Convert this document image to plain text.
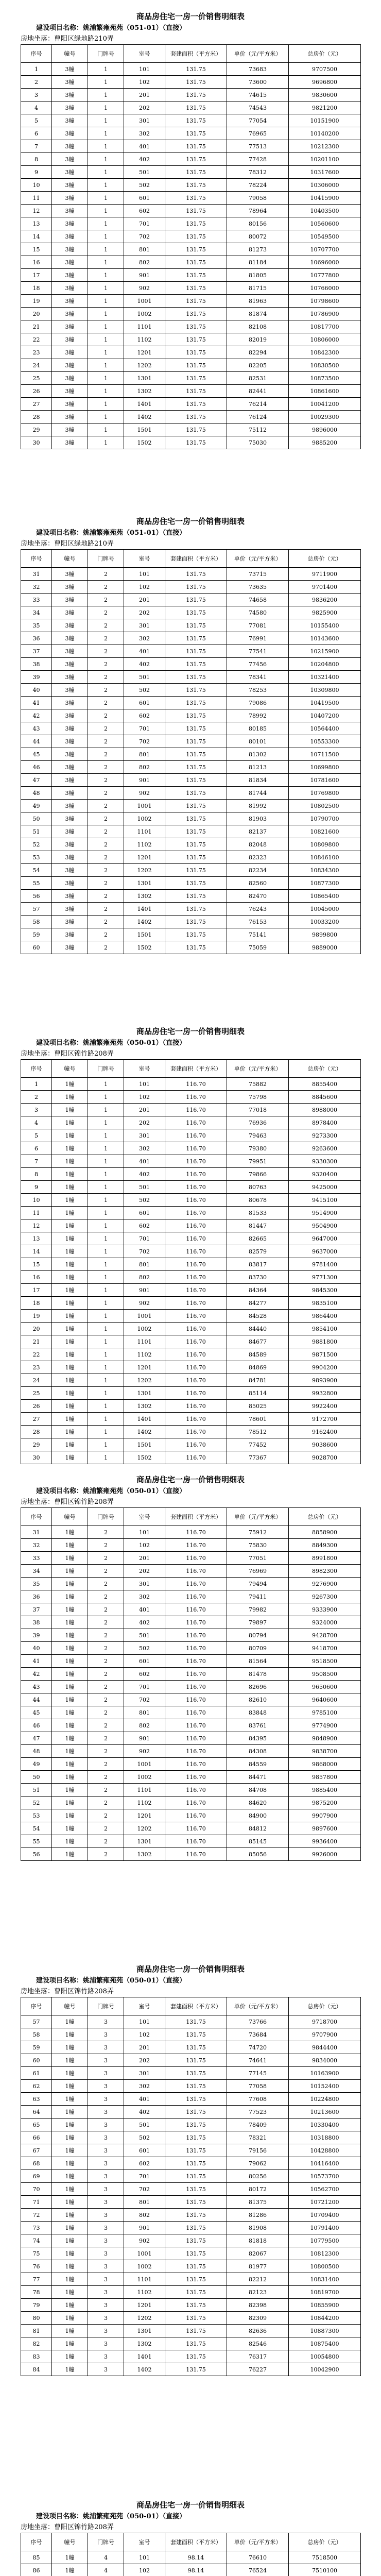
商品房住宅一房一价销售明细表
建设项目名称：姚浦繁雍苑苑（051-01）（直接）
房地坐落：曹阳区绿地路210弄
序号	幢号	门牌号	室号	套建面积（平方米）	单价（元/平方米）	总房价（元）
1	3幢	1	101	131.75	73683	9707500
2	3幢	1	102	131.75	73600	9696800
3	3幢	1	201	131.75	74615	9830600
4	3幢	1	202	131.75	74543	9821200
5	3幢	1	301	131.75	77054	10151900
6	3幢	1	302	131.75	76965	10140200
7	3幢	1	401	131.75	77513	10212300
8	3幢	1	402	131.75	77428	10201100
9	3幢	1	501	131.75	78312	10317600
10	3幢	1	502	131.75	78224	10306000
11	3幢	1	601	131.75	79058	10415900
12	3幢	1	602	131.75	78964	10403500
13	3幢	1	701	131.75	80156	10560600
14	3幢	1	702	131.75	80072	10549500
15	3幢	1	801	131.75	81273	10707700
16	3幢	1	802	131.75	81184	10696000
17	3幢	1	901	131.75	81805	10777800
18	3幢	1	902	131.75	81715	10766000
19	3幢	1	1001	131.75	81963	10798600
20	3幢	1	1002	131.75	81874	10786900
21	3幢	1	1101	131.75	82108	10817700
22	3幢	1	1102	131.75	82019	10806000
23	3幢	1	1201	131.75	82294	10842300
24	3幢	1	1202	131.75	82205	10830500
25	3幢	1	1301	131.75	82531	10873500
26	3幢	1	1302	131.75	82441	10861600
27	3幢	1	1401	131.75	76214	10041200
28	3幢	1	1402	131.75	76124	10029300
29	3幢	1	1501	131.75	75112	9896000
30	3幢	1	1502	131.75	75030	9885200
商品房住宅一房一价销售明细表
建设项目名称：姚浦繁雍苑苑（051-01）（直接）
房地坐落：曹阳区绿地路210弄
序号	幢号	门牌号	室号	套建面积（平方米）	单价（元/平方米）	总房价（元）
31	3幢	2	101	131.75	73715	9711900
32	3幢	2	102	131.75	73635	9701400
33	3幢	2	201	131.75	74658	9836200
34	3幢	2	202	131.75	74580	9825900
35	3幢	2	301	131.75	77081	10155400
36	3幢	2	302	131.75	76991	10143600
37	3幢	2	401	131.75	77541	10215900
38	3幢	2	402	131.75	77456	10204800
39	3幢	2	501	131.75	78341	10321400
40	3幢	2	502	131.75	78253	10309800
41	3幢	2	601	131.75	79086	10419500
42	3幢	2	602	131.75	78992	10407200
43	3幢	2	701	131.75	80185	10564400
44	3幢	2	702	131.75	80101	10553300
45	3幢	2	801	131.75	81302	10711500
46	3幢	2	802	131.75	81213	10699800
47	3幢	2	901	131.75	81834	10781600
48	3幢	2	902	131.75	81744	10769800
49	3幢	2	1001	131.75	81992	10802500
50	3幢	2	1002	131.75	81903	10790700
51	3幢	2	1101	131.75	82137	10821600
52	3幢	2	1102	131.75	82048	10809800
53	3幢	2	1201	131.75	82323	10846100
54	3幢	2	1202	131.75	82234	10834300
55	3幢	2	1301	131.75	82560	10877300
56	3幢	2	1302	131.75	82470	10865400
57	3幢	2	1401	131.75	76243	10045000
58	3幢	2	1402	131.75	76153	10033200
59	3幢	2	1501	131.75	75141	9899800
60	3幢	2	1502	131.75	75059	9889000
商品房住宅一房一价销售明细表
建设项目名称：姚浦繁雍苑苑（050-01）（直接）
房地坐落：曹阳区锦竹路208弄
序号	幢号	门牌号	室号	套建面积（平方米）	单价（元/平方米）	总房价（元）
1	1幢	1	101	116.70	75882	8855400
2	1幢	1	102	116.70	75798	8845600
3	1幢	1	201	116.70	77018	8988000
4	1幢	1	202	116.70	76936	8978400
5	1幢	1	301	116.70	79463	9273300
6	1幢	1	302	116.70	79380	9263600
7	1幢	1	401	116.70	79951	9330300
8	1幢	1	402	116.70	79866	9320400
9	1幢	1	501	116.70	80763	9425000
10	1幢	1	502	116.70	80678	9415100
11	1幢	1	601	116.70	81533	9514900
12	1幢	1	602	116.70	81447	9504900
13	1幢	1	701	116.70	82665	9647000
14	1幢	1	702	116.70	82579	9637000
15	1幢	1	801	116.70	83817	9781400
16	1幢	1	802	116.70	83730	9771300
17	1幢	1	901	116.70	84364	9845300
18	1幢	1	902	116.70	84277	9835100
19	1幢	1	1001	116.70	84528	9864400
20	1幢	1	1002	116.70	84440	9854100
21	1幢	1	1101	116.70	84677	9881800
22	1幢	1	1102	116.70	84589	9871500
23	1幢	1	1201	116.70	84869	9904200
24	1幢	1	1202	116.70	84781	9893900
25	1幢	1	1301	116.70	85114	9932800
26	1幢	1	1302	116.70	85025	9922400
27	1幢	1	1401	116.70	78601	9172700
28	1幢	1	1402	116.70	78512	9162400
29	1幢	1	1501	116.70	77452	9038600
30	1幢	1	1502	116.70	77367	9028700
商品房住宅一房一价销售明细表
建设项目名称：姚浦繁雍苑苑（050-01）（直接）
房地坐落：曹阳区锦竹路208弄
序号	幢号	门牌号	室号	套建面积（平方米）	单价（元/平方米）	总房价（元）
31	1幢	2	101	116.70	75912	8858900
32	1幢	2	102	116.70	75830	8849300
33	1幢	2	201	116.70	77051	8991800
34	1幢	2	202	116.70	76969	8982300
35	1幢	2	301	116.70	79494	9276900
36	1幢	2	302	116.70	79411	9267300
37	1幢	2	401	116.70	79982	9333900
38	1幢	2	402	116.70	79897	9324000
39	1幢	2	501	116.70	80794	9428700
40	1幢	2	502	116.70	80709	9418700
41	1幢	2	601	116.70	81564	9518500
42	1幢	2	602	116.70	81478	9508500
43	1幢	2	701	116.70	82696	9650600
44	1幢	2	702	116.70	82610	9640600
45	1幢	2	801	116.70	83848	9785100
46	1幢	2	802	116.70	83761	9774900
47	1幢	2	901	116.70	84395	9848900
48	1幢	2	902	116.70	84308	9838700
49	1幢	2	1001	116.70	84559	9868000
50	1幢	2	1002	116.70	84471	9857800
51	1幢	2	1101	116.70	84708	9885400
52	1幢	2	1102	116.70	84620	9875200
53	1幢	2	1201	116.70	84900	9907900
54	1幢	2	1202	116.70	84812	9897600
55	1幢	2	1301	116.70	85145	9936400
56	1幢	2	1302	116.70	85056	9926000
商品房住宅一房一价销售明细表
建设项目名称：姚浦繁雍苑苑（050-01）（直接）
房地坐落：曹阳区锦竹路208弄
序号	幢号	门牌号	室号	套建面积（平方米）	单价（元/平方米）	总房价（元）
57	1幢	3	101	131.75	73766	9718700
58	1幢	3	102	131.75	73684	9707900
59	1幢	3	201	131.75	74720	9844400
60	1幢	3	202	131.75	74641	9834000
61	1幢	3	301	131.75	77145	10163900
62	1幢	3	302	131.75	77058	10152400
63	1幢	3	401	131.75	77608	10224800
64	1幢	3	402	131.75	77523	10213600
65	1幢	3	501	131.75	78409	10330400
66	1幢	3	502	131.75	78321	10318800
67	1幢	3	601	131.75	79156	10428800
68	1幢	3	602	131.75	79062	10416400
69	1幢	3	701	131.75	80256	10573700
70	1幢	3	702	131.75	80172	10562700
71	1幢	3	801	131.75	81375	10721200
72	1幢	3	802	131.75	81286	10709400
73	1幢	3	901	131.75	81908	10791400
74	1幢	3	902	131.75	81818	10779500
75	1幢	3	1001	131.75	82067	10812300
76	1幢	3	1002	131.75	81977	10800500
77	1幢	3	1101	131.75	82212	10831400
78	1幢	3	1102	131.75	82123	10819700
79	1幢	3	1201	131.75	82398	10855900
80	1幢	3	1202	131.75	82309	10844200
81	1幢	3	1301	131.75	82636	10887300
82	1幢	3	1302	131.75	82546	10875400
83	1幢	3	1401	131.75	76317	10054800
84	1幢	3	1402	131.75	76227	10042900
商品房住宅一房一价销售明细表
建设项目名称：姚浦繁雍苑苑（050-01）（直接）
房地坐落：曹阳区锦竹路208弄
序号	幢号	门牌号	室号	套建面积（平方米）	单价（元/平方米）	总房价（元）
85	1幢	4	101	98.14	76610	7518500
86	1幢	4	102	98.14	76524	7510100
